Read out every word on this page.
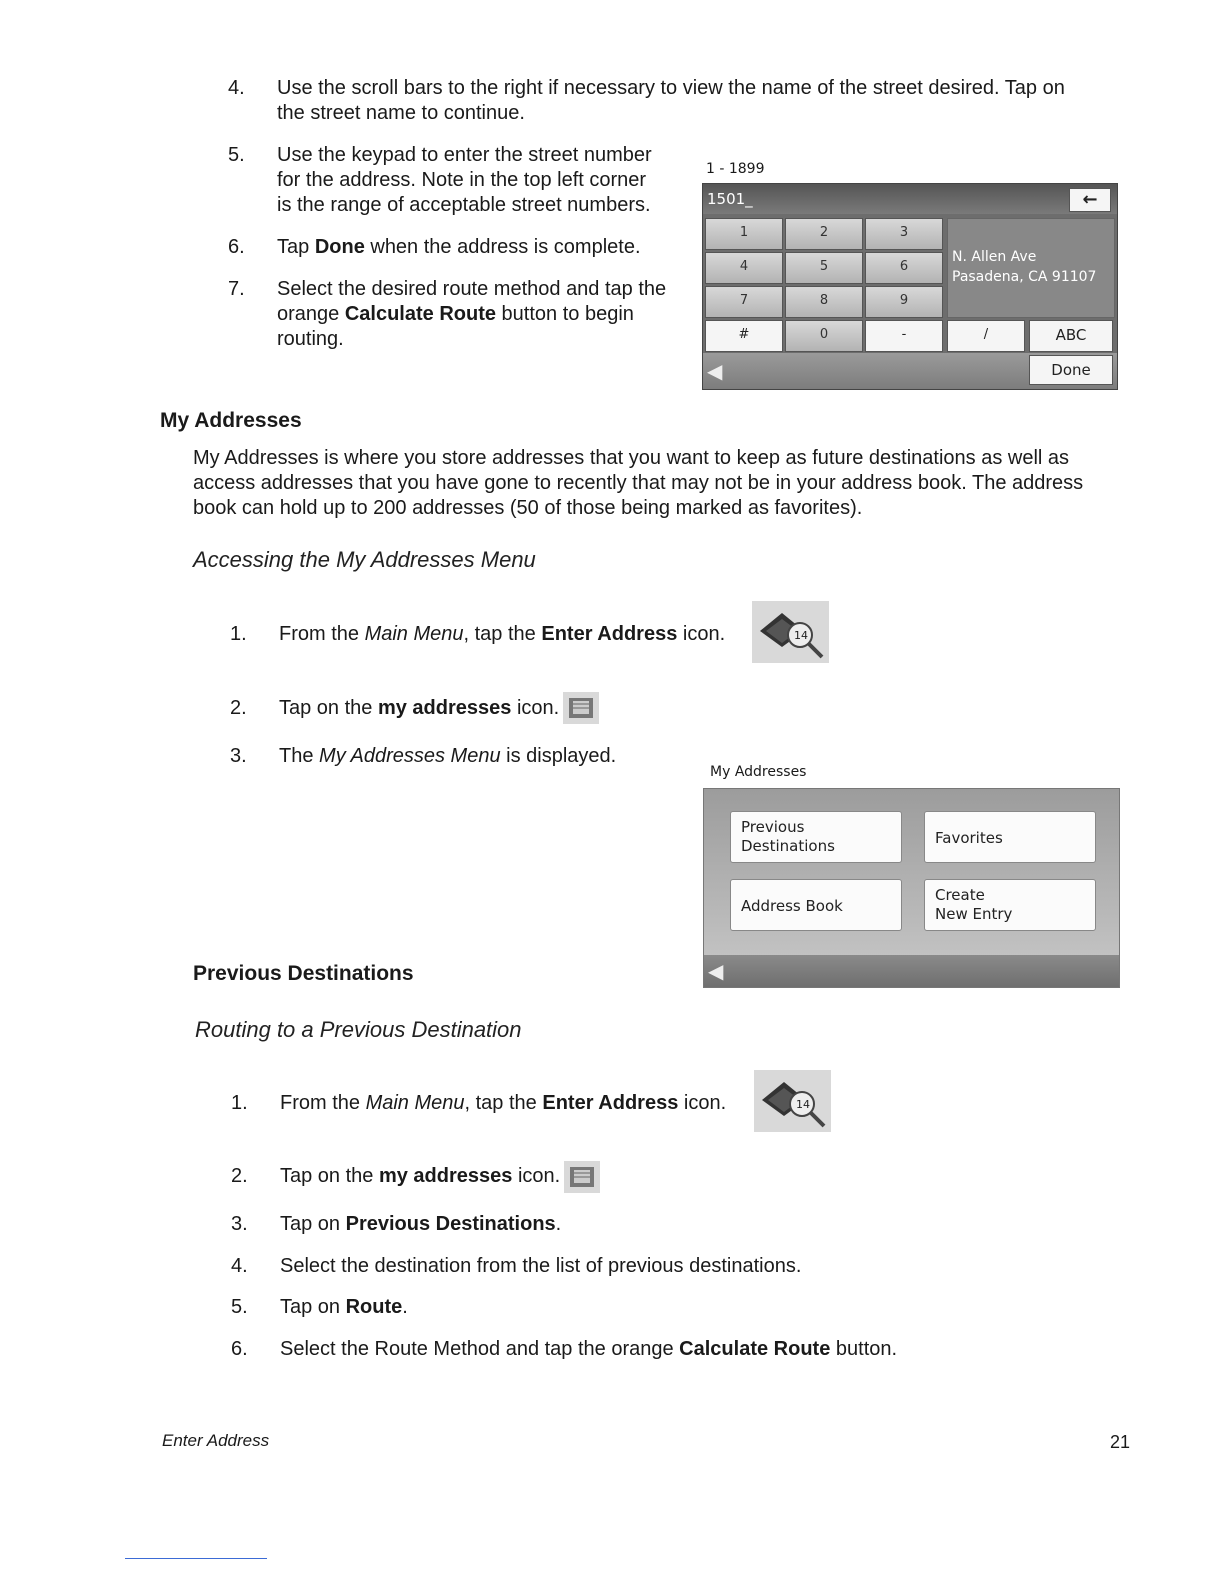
4. Use the scroll bars to the right if necessary to view the name of the street desired. Tap on
the street name to continue.
5. Use the keypad to enter the street number
for the address. Note in the top left corner
is the range of acceptable street numbers.
6. Tap Done when the address is complete.
7. Select the desired route method and tap the
orange Calculate Route button to begin
routing.
1 - 1899
1501_	←
1	2	3
4	5	6
7	8	9
#	0	-	/	ABC
N. Allen Ave
Pasadena, CA 91107
◀	Done
My Addresses
My Addresses is where you store addresses that you want to keep as future destinations as well as
access addresses that you have gone to recently that may not be in your address book. The address
book can hold up to 200 addresses (50 of those being marked as favorites).
Accessing the My Addresses Menu
1. From the Main Menu, tap the Enter Address icon.	14
2. Tap on the my addresses icon.
3. The My Addresses Menu is displayed.
My Addresses
Previous
Destinations	Favorites
Address Book
Create
New Entry
◀
Previous Destinations
Routing to a Previous Destination
1. From the Main Menu, tap the Enter Address icon.	14
2. Tap on the my addresses icon.
3. Tap on Previous Destinations.
4. Select the destination from the list of previous destinations.
5. Tap on Route.
6. Select the Route Method and tap the orange Calculate Route button.
Enter Address	21
